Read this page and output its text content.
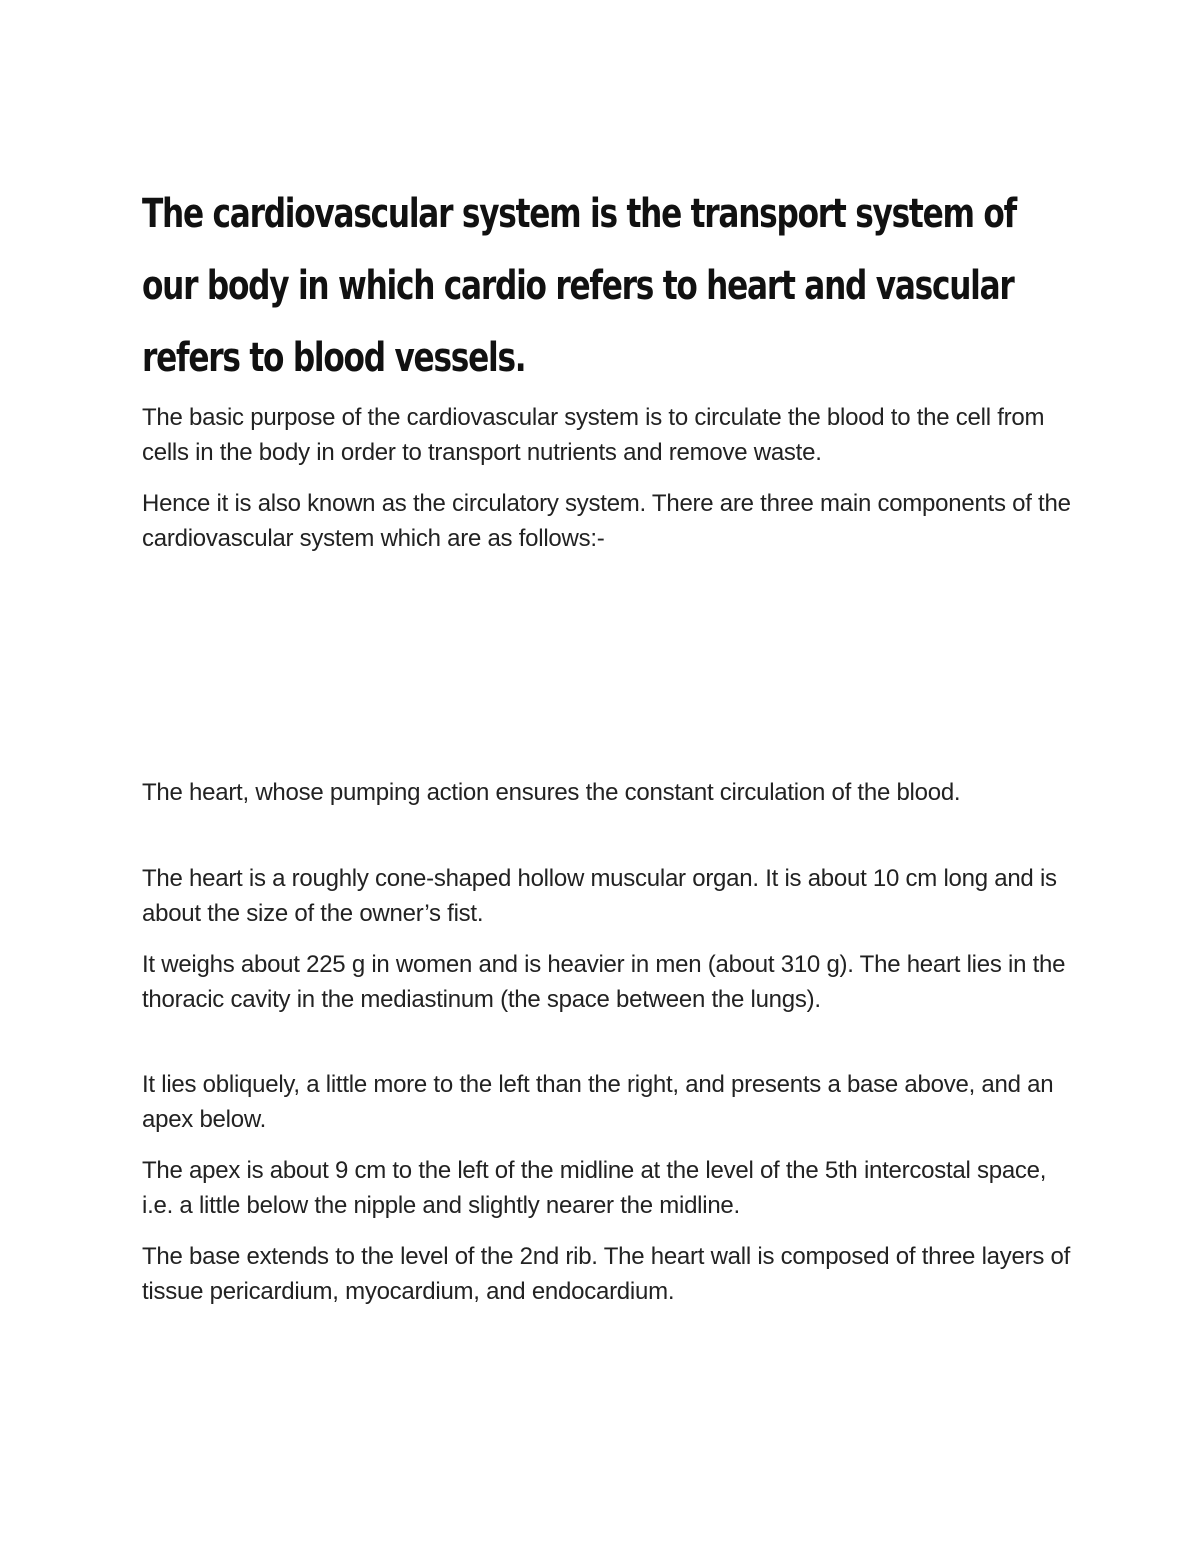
The cardiovascular system is the transport system of our body in which cardio refers to heart and vascular refers to blood vessels.

The basic purpose of the cardiovascular system is to circulate the blood to the cell from cells in the body in order to transport nutrients and remove waste.

Hence it is also known as the circulatory system. There are three main components of the cardiovascular system which are as follows:-

The heart, whose pumping action ensures the constant circulation of the blood.

The heart is a roughly cone-shaped hollow muscular organ. It is about 10 cm long and is about the size of the owner’s fist.

It weighs about 225 g in women and is heavier in men (about 310 g). The heart lies in the thoracic cavity in the mediastinum (the space between the lungs).

It lies obliquely, a little more to the left than the right, and presents a base above, and an apex below.

The apex is about 9 cm to the left of the midline at the level of the 5th intercostal space, i.e. a little below the nipple and slightly nearer the midline.

The base extends to the level of the 2nd rib. The heart wall is composed of three layers of tissue pericardium, myocardium, and endocardium.
